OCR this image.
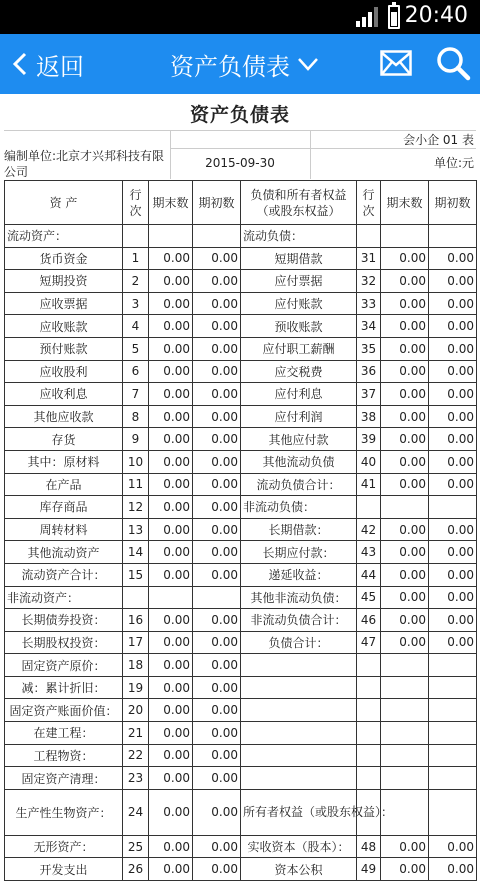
20:40
返回	资产负债表
资产负债表
编制单位:北京才兴邦科技有限公司
2015-09-30
会小企 01 表
单位:元
资 产	行次	期末数	期初数	负债和所有者权益（或股东权益）	行次	期末数	期初数
流动资产：				流动负债：			
货币资金	1	0.00	0.00	短期借款	31	0.00	0.00
短期投资	2	0.00	0.00	应付票据	32	0.00	0.00
应收票据	3	0.00	0.00	应付账款	33	0.00	0.00
应收账款	4	0.00	0.00	预收账款	34	0.00	0.00
预付账款	5	0.00	0.00	应付职工薪酬	35	0.00	0.00
应收股利	6	0.00	0.00	应交税费	36	0.00	0.00
应收利息	7	0.00	0.00	应付利息	37	0.00	0.00
其他应收款	8	0.00	0.00	应付利润	38	0.00	0.00
存货	9	0.00	0.00	其他应付款	39	0.00	0.00
其中：原材料	10	0.00	0.00	其他流动负债	40	0.00	0.00
在产品	11	0.00	0.00	流动负债合计：	41	0.00	0.00
库存商品	12	0.00	0.00	非流动负债：			
周转材料	13	0.00	0.00	长期借款：	42	0.00	0.00
其他流动资产	14	0.00	0.00	长期应付款：	43	0.00	0.00
流动资产合计：	15	0.00	0.00	递延收益：	44	0.00	0.00
非流动资产：				其他非流动负债：	45	0.00	0.00
长期债券投资：	16	0.00	0.00	非流动负债合计：	46	0.00	0.00
长期股权投资：	17	0.00	0.00	负债合计：	47	0.00	0.00
固定资产原价：	18	0.00	0.00				
减：累计折旧：	19	0.00	0.00				
固定资产账面价值：	20	0.00	0.00				
在建工程：	21	0.00	0.00				
工程物资：	22	0.00	0.00				
固定资产清理：	23	0.00	0.00				
生产性生物资产：	24	0.00	0.00	所有者权益（或股东权益）：			
无形资产：	25	0.00	0.00	实收资本（股本）：	48	0.00	0.00
开发支出	26	0.00	0.00	资本公积	49	0.00	0.00
